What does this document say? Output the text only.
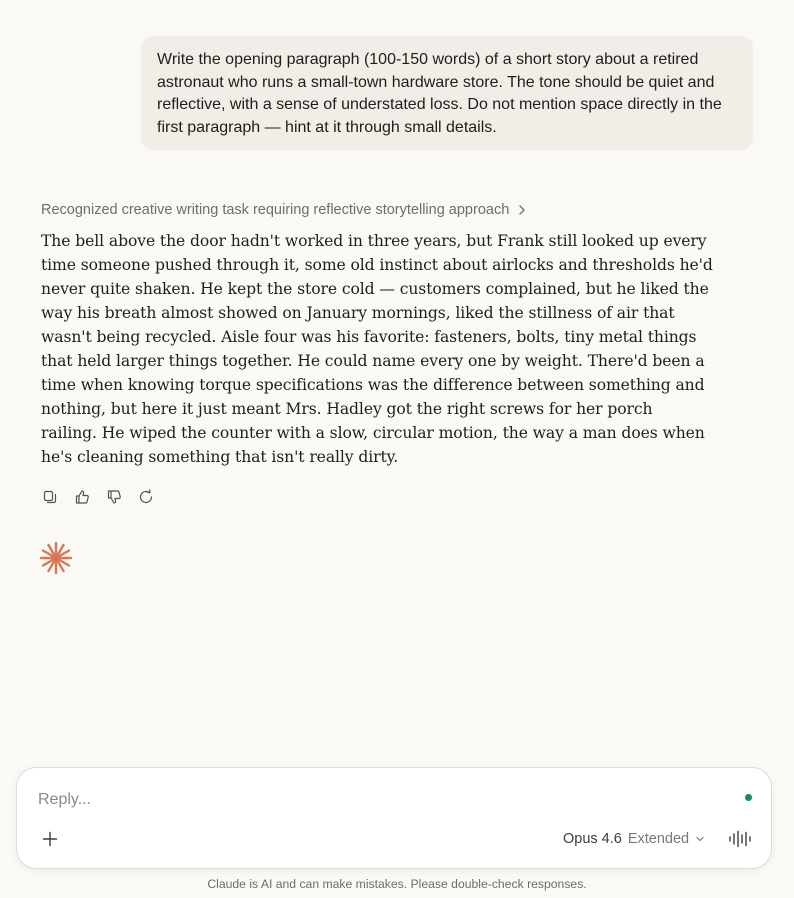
Write the opening paragraph (100-150 words) of a short story about a retired astronaut who runs a small-town hardware store. The tone should be quiet and reflective, with a sense of understated loss. Do not mention space directly in the first paragraph — hint at it through small details.
Recognized creative writing task requiring reflective storytelling approach
The bell above the door hadn't worked in three years, but Frank still looked up every time someone pushed through it, some old instinct about airlocks and thresholds he'd never quite shaken. He kept the store cold — customers complained, but he liked the way his breath almost showed on January mornings, liked the stillness of air that wasn't being recycled. Aisle four was his favorite: fasteners, bolts, tiny metal things that held larger things together. He could name every one by weight. There'd been a time when knowing torque specifications was the difference between something and nothing, but here it just meant Mrs. Hadley got the right screws for her porch railing. He wiped the counter with a slow, circular motion, the way a man does when he's cleaning something that isn't really dirty.
Reply...
Opus 4.6 Extended
Claude is AI and can make mistakes. Please double-check responses.
